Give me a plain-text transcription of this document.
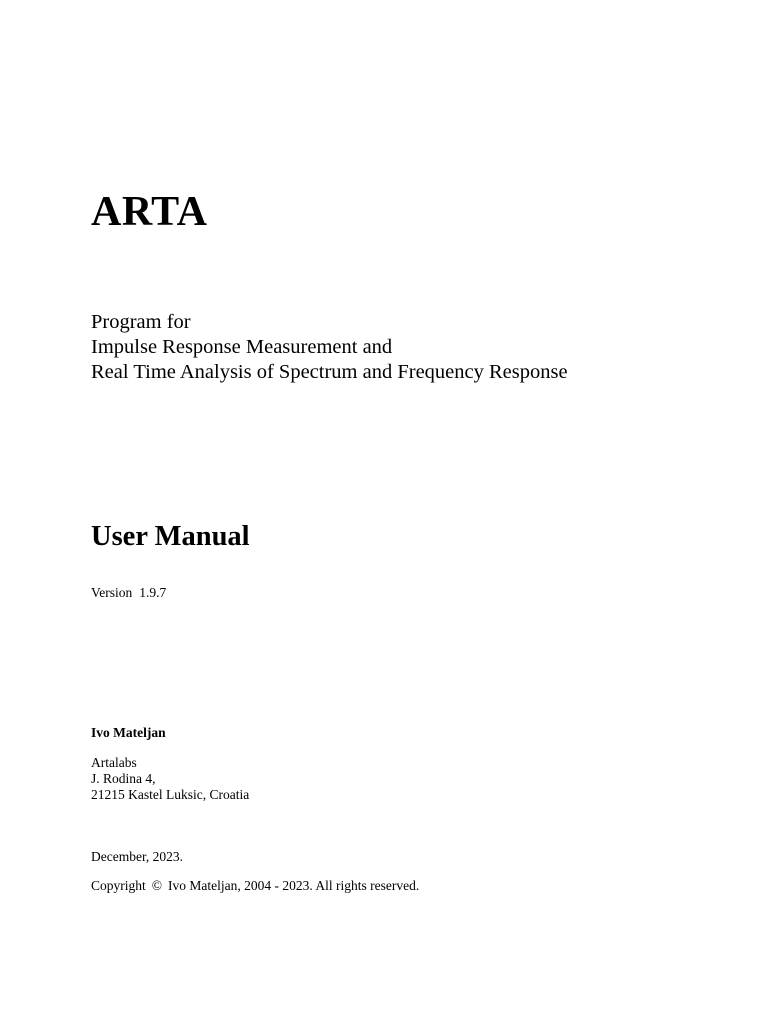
ARTA
Program for
Impulse Response Measurement and
Real Time Analysis of Spectrum and Frequency Response
User Manual
Version 1.9.7
Ivo Mateljan
Artalabs
J. Rodina 4,
21215 Kastel Luksic, Croatia
December, 2023.
Copyright © Ivo Mateljan, 2004 - 2023. All rights reserved.
